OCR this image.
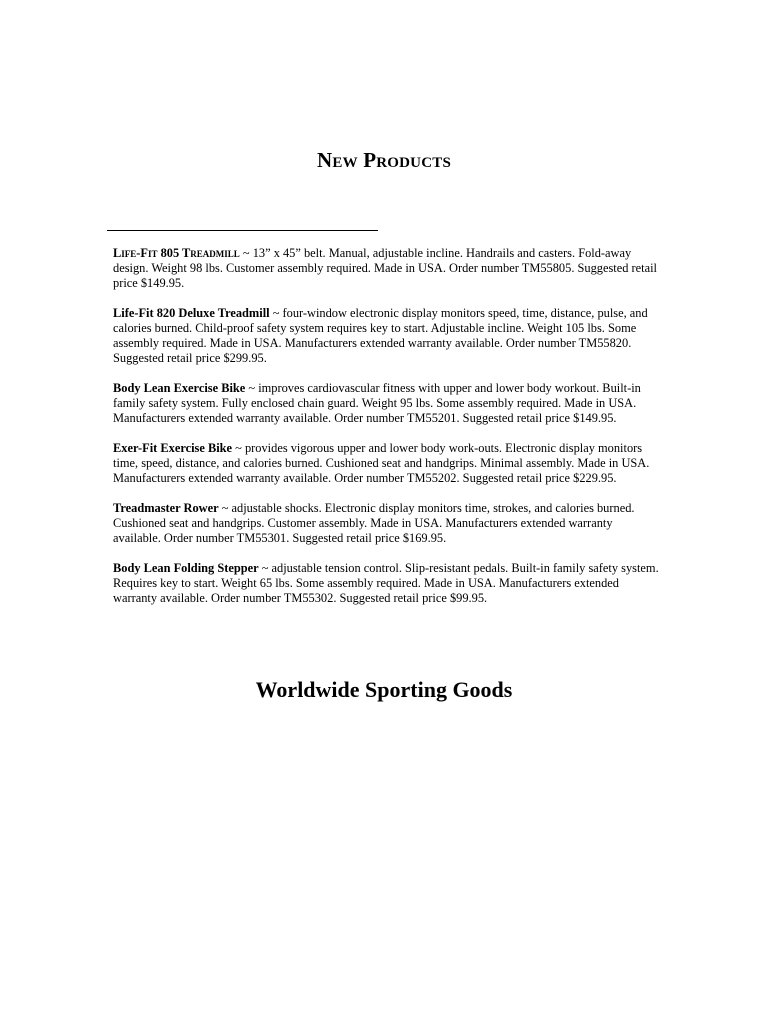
New Products
Life-Fit 805 Treadmill ~ 13” x 45” belt. Manual, adjustable incline. Handrails and casters. Fold-away design. Weight 98 lbs. Customer assembly required. Made in USA. Order number TM55805. Suggested retail price $149.95.
Life-Fit 820 Deluxe Treadmill ~ four-window electronic display monitors speed, time, distance, pulse, and calories burned. Child-proof safety system requires key to start. Adjustable incline. Weight 105 lbs. Some assembly required. Made in USA. Manufacturers extended warranty available. Order number TM55820. Suggested retail price $299.95.
Body Lean Exercise Bike ~ improves cardiovascular fitness with upper and lower body workout. Built-in family safety system. Fully enclosed chain guard. Weight 95 lbs. Some assembly required. Made in USA. Manufacturers extended warranty available. Order number TM55201. Suggested retail price $149.95.
Exer-Fit Exercise Bike ~ provides vigorous upper and lower body work-outs. Electronic display monitors time, speed, distance, and calories burned. Cushioned seat and handgrips. Minimal assembly. Made in USA. Manufacturers extended warranty available. Order number TM55202. Suggested retail price $229.95.
Treadmaster Rower ~ adjustable shocks. Electronic display monitors time, strokes, and calories burned. Cushioned seat and handgrips. Customer assembly. Made in USA. Manufacturers extended warranty available. Order number TM55301. Suggested retail price $169.95.
Body Lean Folding Stepper ~ adjustable tension control. Slip-resistant pedals. Built-in family safety system. Requires key to start. Weight 65 lbs. Some assembly required. Made in USA. Manufacturers extended warranty available. Order number TM55302. Suggested retail price $99.95.
Worldwide Sporting Goods
